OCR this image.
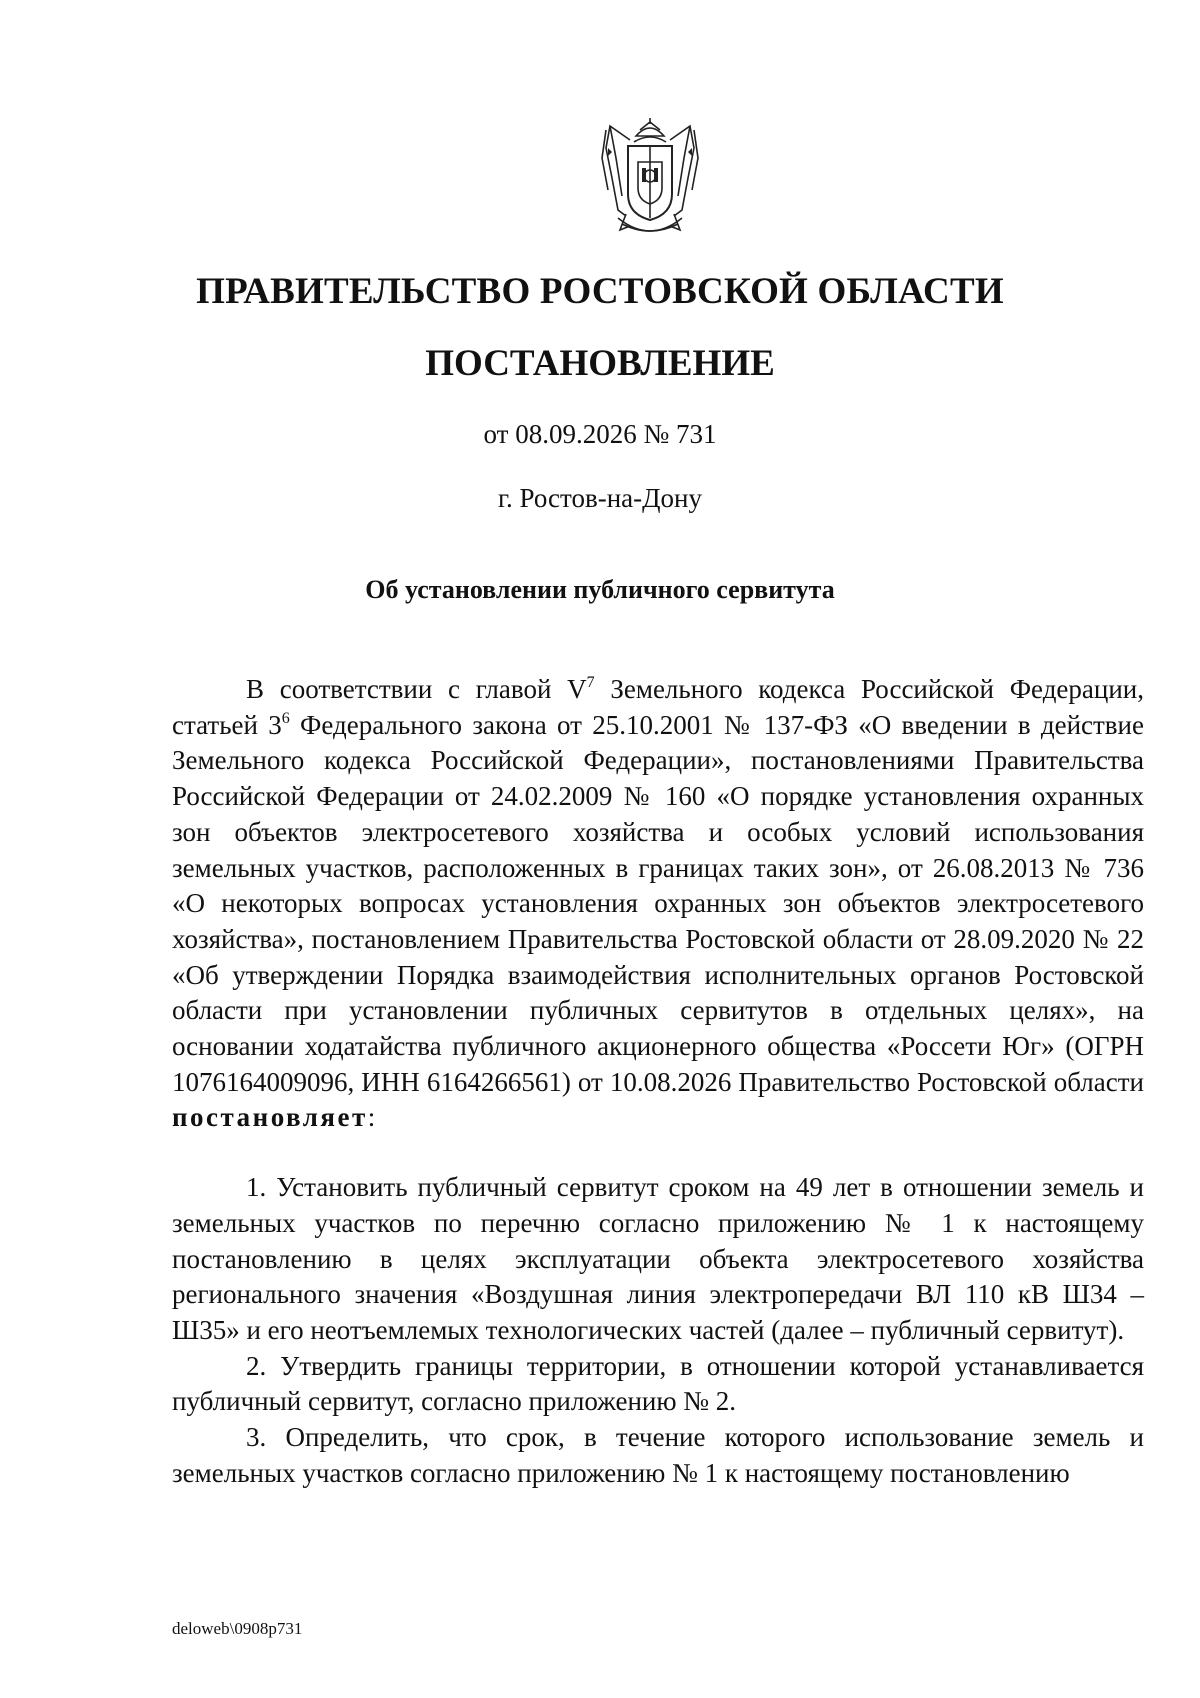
ПРАВИТЕЛЬСТВО РОСТОВСКОЙ ОБЛАСТИ
ПОСТАНОВЛЕНИЕ
от 08.09.2026 № 731
г. Ростов-на-Дону
Об установлении публичного сервитута

В соответствии с главой $V^7$ Земельного кодекса Российской Федерации, статьей $3^6$ Федерального закона от 25.10.2001 № 137-ФЗ «О введении в действие Земельного кодекса Российской Федерации», постановлениями Правительства Российской Федерации от 24.02.2009 № 160 «О порядке установления охранных зон объектов электросетевого хозяйства и особых условий использования земельных участков, расположенных в границах таких зон», от 26.08.2013 № 736 «О некоторых вопросах установления охранных зон объектов электросетевого хозяйства», постановлением Правительства Ростовской области от 28.09.2020 № 22 «Об утверждении Порядка взаимодействия исполнительных органов Ростовской области при установлении публичных сервитутов в отдельных целях», на основании ходатайства публичного акционерного общества «Россети Юг» (ОГРН 1076164009096, ИНН 6164266561) от 10.08.2026 Правительство Ростовской области постановляет:

1. Установить публичный сервитут сроком на 49 лет в отношении земель и земельных участков по перечню согласно приложению № 1 к настоящему постановлению в целях эксплуатации объекта электросетевого хозяйства регионального значения «Воздушная линия электропередачи ВЛ 110 кВ Ш34 – Ш35» и его неотъемлемых технологических частей (далее – публичный сервитут).

2. Утвердить границы территории, в отношении которой устанавливается публичный сервитут, согласно приложению № 2.

3. Определить, что срок, в течение которого использование земель и земельных участков согласно приложению № 1 к настоящему постановлению

deloweb\0908p731
